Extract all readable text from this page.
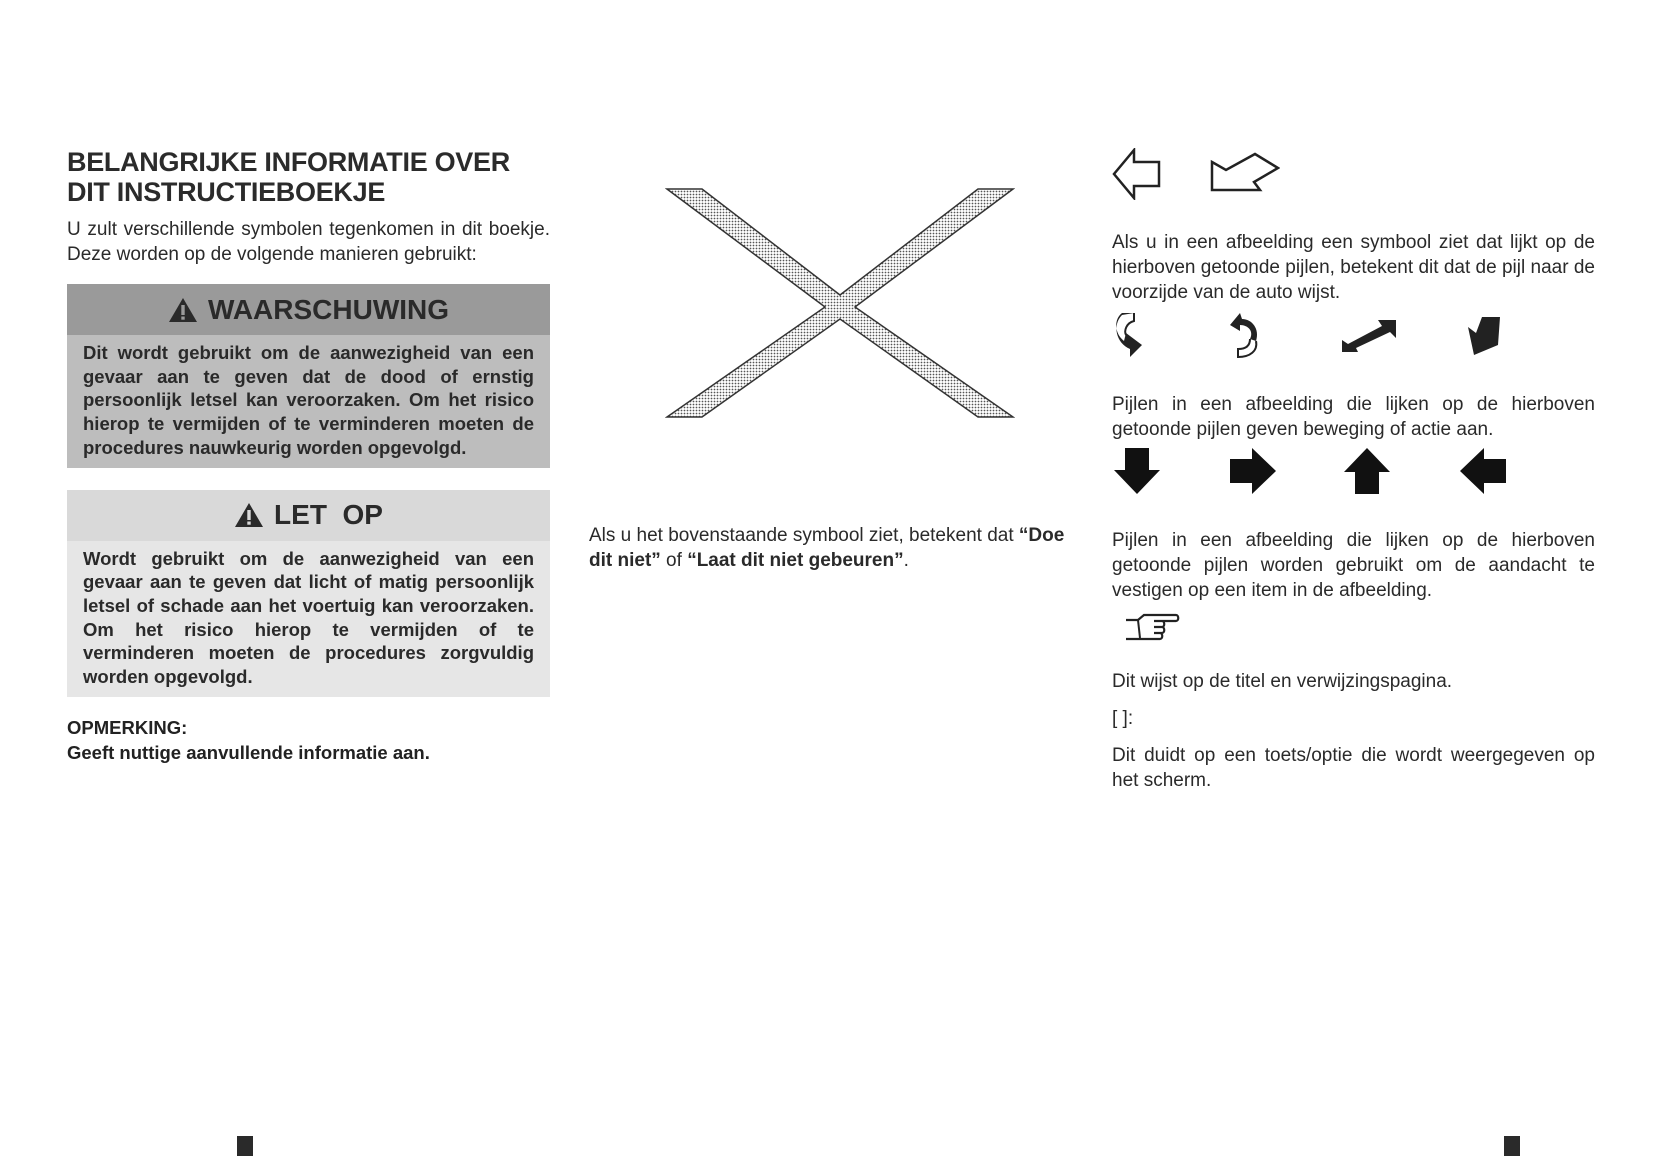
BELANGRIJKE INFORMATIE OVER
DIT INSTRUCTIEBOEKJE

U zult verschillende symbolen tegenkomen in dit boekje. Deze worden op de volgende manieren gebruikt:

WAARSCHUWING
Dit wordt gebruikt om de aanwezigheid van een gevaar aan te geven dat de dood of ernstig persoonlijk letsel kan veroorzaken. Om het risico hierop te vermijden of te verminderen moeten de procedures nauwkeurig worden opgevolgd.
LET  OP
Wordt gebruikt om de aanwezigheid van een gevaar aan te geven dat licht of matig persoonlijk letsel of schade aan het voertuig kan veroorzaken. Om het risico hierop te vermijden of te verminderen moeten de procedures zorgvuldig worden opgevolgd.
OPMERKING:
Geeft nuttige aanvullende informatie aan.

Als u het bovenstaande symbool ziet, betekent dat “Doe dit niet” of “Laat dit niet gebeuren”.

Als u in een afbeelding een symbool ziet dat lijkt op de hierboven getoonde pijlen, betekent dit dat de pijl naar de voorzijde van de auto wijst.

Pijlen in een afbeelding die lijken op de hierboven getoonde pijlen geven beweging of actie aan.

Pijlen in een afbeelding die lijken op de hierboven getoonde pijlen worden gebruikt om de aandacht te vestigen op een item in de afbeelding.

Dit wijst op de titel en verwijzingspagina.

[ ]:

Dit duidt op een toets/optie die wordt weergegeven op het scherm.
